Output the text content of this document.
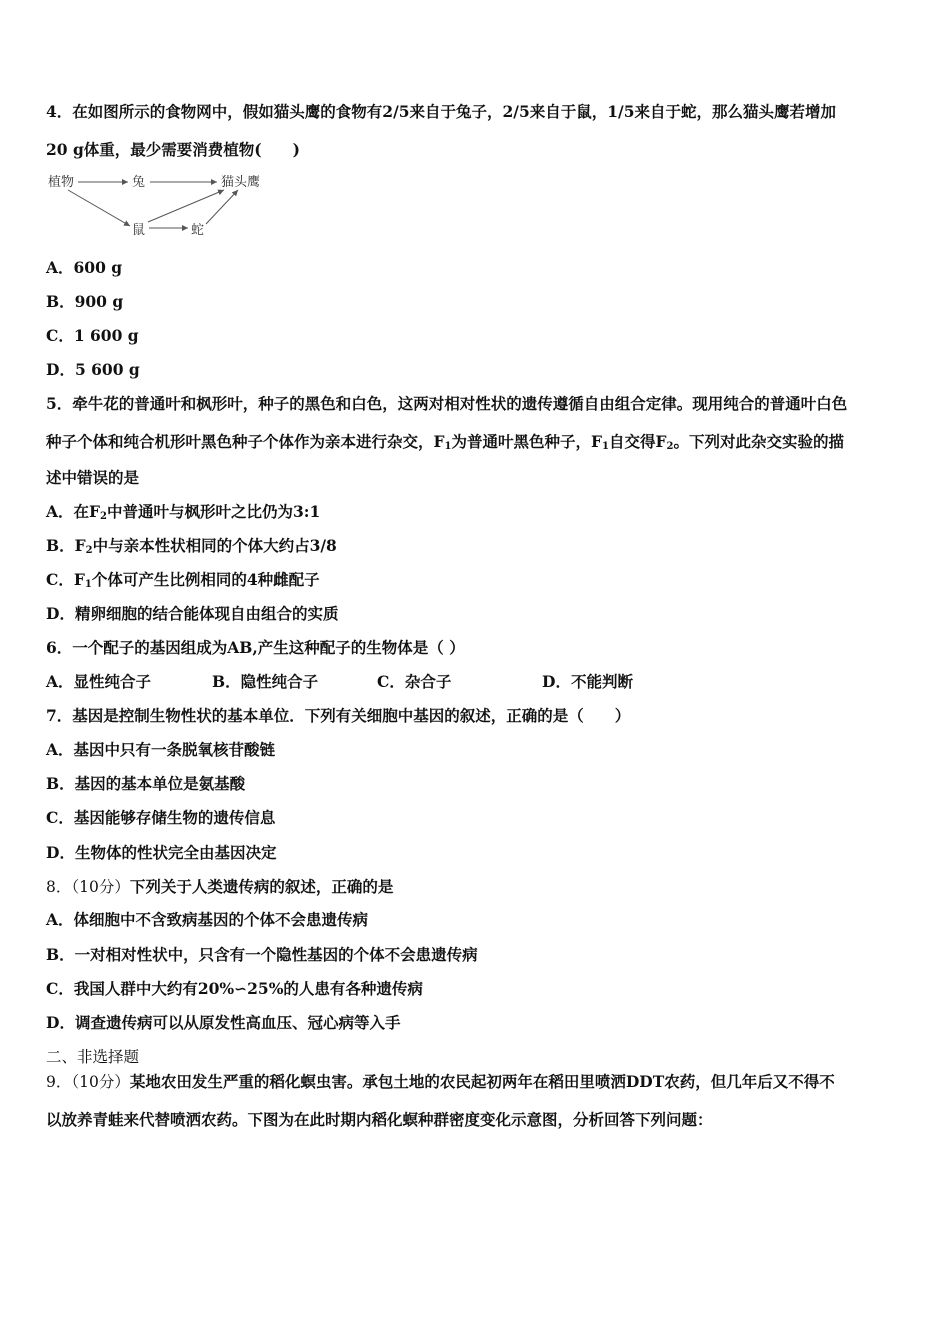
4．在如图所示的食物网中，假如猫头鹰的食物有2/5来自于兔子，2/5来自于鼠，1/5来自于蛇，那么猫头鹰若增加
20 g体重，最少需要消费植物(　　)
植物	兔	猫头鹰
鼠	蛇
A．600 g
B．900 g
C．1 600 g
D．5 600 g
5．牵牛花的普通叶和枫形叶，种子的黑色和白色，这两对相对性状的遗传遵循自由组合定律。现用纯合的普通叶白色
种子个体和纯合机形叶黑色种子个体作为亲本进行杂交，$F_1$为普通叶黑色种子，$F_1$自交得$F_2$。下列对此杂交实验的描
述中错误的是
A．在$F_2$中普通叶与枫形叶之比仍为3:1
B．$F_2$中与亲本性状相同的个体大约占3/8
C．$F_1$个体可产生比例相同的4种雌配子
D．精卵细胞的结合能体现自由组合的实质
6．一个配子的基因组成为AB,产生这种配子的生物体是（ ）
A．显性纯合子	B．隐性纯合子	C．杂合子	D．不能判断
7．基因是控制生物性状的基本单位．下列有关细胞中基因的叙述，正确的是（　　）
A．基因中只有一条脱氧核苷酸链
B．基因的基本单位是氨基酸
C．基因能够存储生物的遗传信息
D．生物体的性状完全由基因决定
8．（10分）下列关于人类遗传病的叙述，正确的是
A．体细胞中不含致病基因的个体不会患遗传病
B．一对相对性状中，只含有一个隐性基因的个体不会患遗传病
C．我国人群中大约有20%∽25%的人患有各种遗传病
D．调查遗传病可以从原发性高血压、冠心病等入手
二、非选择题
9．（10分）某地农田发生严重的稻化螟虫害。承包土地的农民起初两年在稻田里喷洒DDT农药，但几年后又不得不
以放养青蛙来代替喷洒农药。下图为在此时期内稻化螟种群密度变化示意图，分析回答下列问题：
